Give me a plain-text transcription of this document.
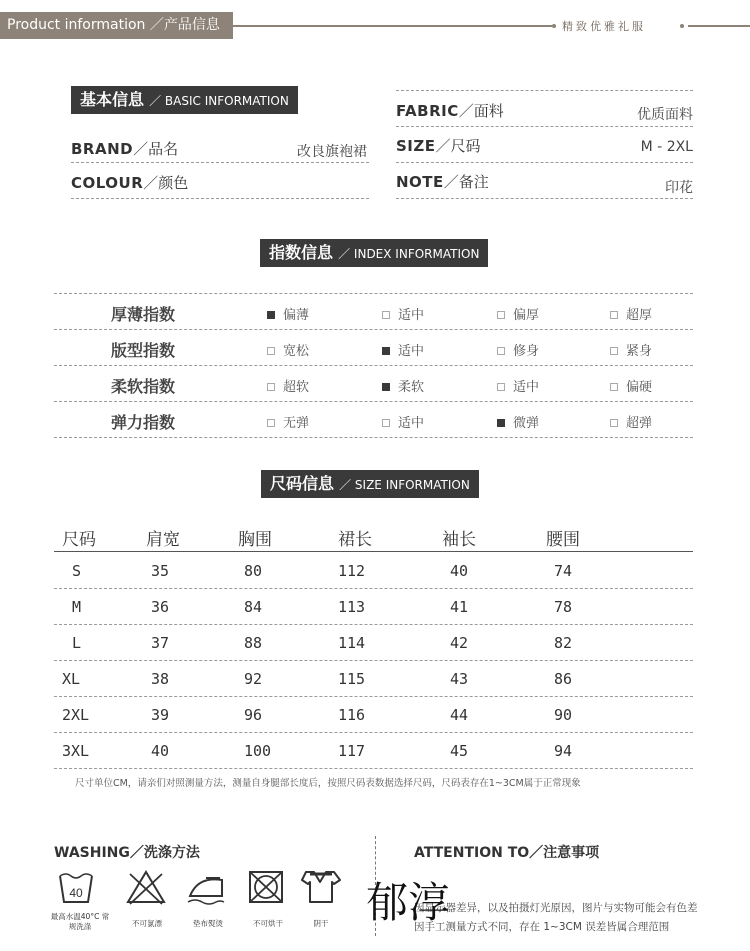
Product information ／产品信息	精致优雅礼服
基本信息 ／ BASIC INFORMATION
BRAND／品名	改良旗袍裙
COLOUR／颜色
FABRIC／面料	优质面料
SIZE／尺码	M - 2XL
NOTE／备注	印花
指数信息 ／ INDEX INFORMATION
厚薄指数	偏薄	适中	偏厚	超厚
版型指数	宽松	适中	修身	紧身
柔软指数	超软	柔软	适中	偏硬
弹力指数	无弹	适中	微弹	超弹
尺码信息 ／ SIZE INFORMATION
尺码	肩宽	胸围	裙长	袖长	腰围
S	35	80	112	40	74
M	36	84	113	41	78
L	37	88	114	42	82
XL	38	92	115	43	86
2XL	39	96	116	44	90
3XL	40	100	117	45	94
尺寸单位CM，请亲们对照测量方法，测量自身腿部长度后，按照尺码表数据选择尺码，尺码表存在1~3CM属于正常现象
WASHING／洗涤方法
40
最高水温40°C 常规洗涤	不可氯漂	垫布熨烫	不可烘干	阴干
ATTENTION TO／注意事项
因显示器差异，以及拍摄灯光原因，图片与实物可能会有色差
因手工测量方式不同，存在 1~3CM 误差皆属合理范围
郁淳
